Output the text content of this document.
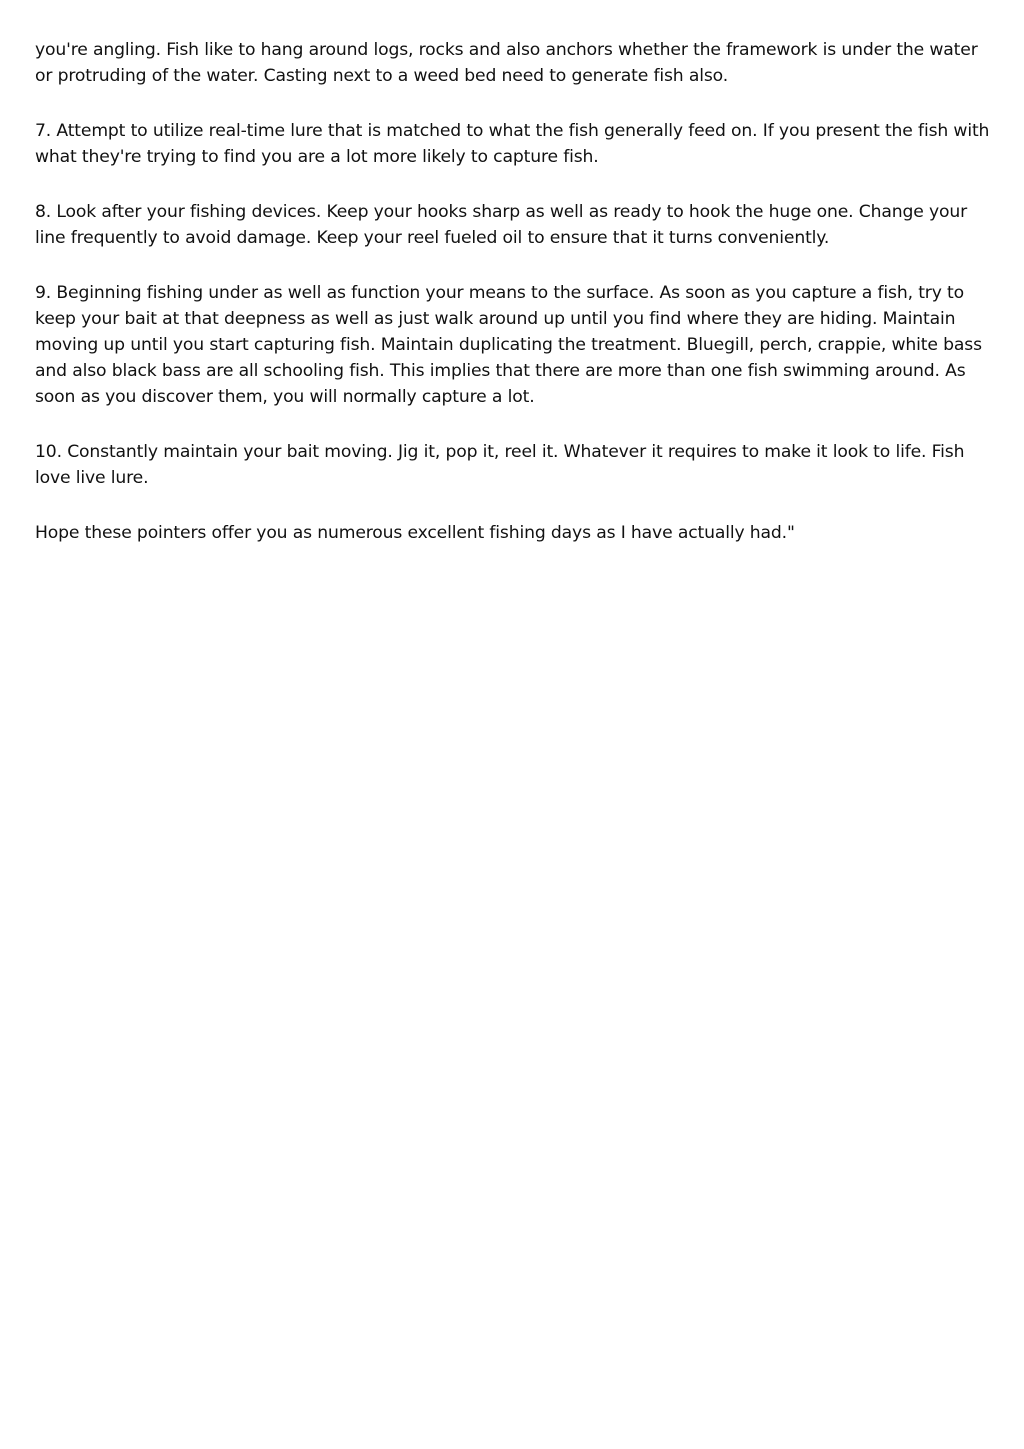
you're angling. Fish like to hang around logs, rocks and also anchors whether the framework is under the water or protruding of the water. Casting next to a weed bed need to generate fish also.

7. Attempt to utilize real-time lure that is matched to what the fish generally feed on. If you present the fish with what they're trying to find you are a lot more likely to capture fish.

8. Look after your fishing devices. Keep your hooks sharp as well as ready to hook the huge one. Change your line frequently to avoid damage. Keep your reel fueled oil to ensure that it turns conveniently.

9. Beginning fishing under as well as function your means to the surface. As soon as you capture a fish, try to keep your bait at that deepness as well as just walk around up until you find where they are hiding. Maintain moving up until you start capturing fish. Maintain duplicating the treatment. Bluegill, perch, crappie, white bass and also black bass are all schooling fish. This implies that there are more than one fish swimming around. As soon as you discover them, you will normally capture a lot.

10. Constantly maintain your bait moving. Jig it, pop it, reel it. Whatever it requires to make it look to life. Fish love live lure.

Hope these pointers offer you as numerous excellent fishing days as I have actually had."
